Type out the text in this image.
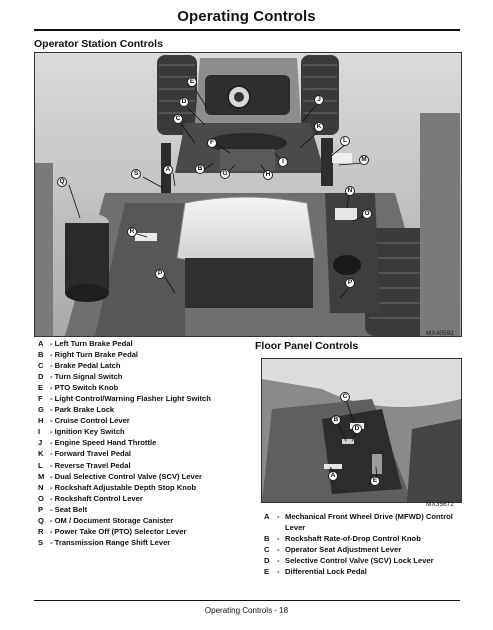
Operating Controls
Operator Station Controls
E
D	J
C
K
F	L
I	M
S
A	B
G	H
Q
N
O
R
P
P
MX40592
A - Left Turn Brake Pedal
B - Right Turn Brake Pedal
C - Brake Pedal Latch
D - Turn Signal Switch
E - PTO Switch Knob
F - Light Control/Warning Flasher Light Switch
G - Park Brake Lock
H - Cruise Control Lever
I	- Ignition Key Switch
J	- Engine Speed Hand Throttle
K - Forward Travel Pedal
L - Reverse Travel Pedal
M - Dual Selective Control Valve (SCV) Lever
N - Rockshaft Adjustable Depth Stop Knob
O - Rockshaft Control Lever
P - Seat Belt
Q - OM / Document Storage Canister
R - Power Take Off (PTO) Selector Lever
S - Transmission Range Shift Lever
Floor Panel Controls
C
B
D
A
E
MX35672
A - Mechanical Front Wheel Drive (MFWD) Control Lever
B - Rockshaft Rate-of-Drop Control Knob
C - Operator Seat Adjustment Lever
D - Selective Control Valve (SCV) Lock Lever
E	- Differential Lock Pedal
Operating Controls - 18
